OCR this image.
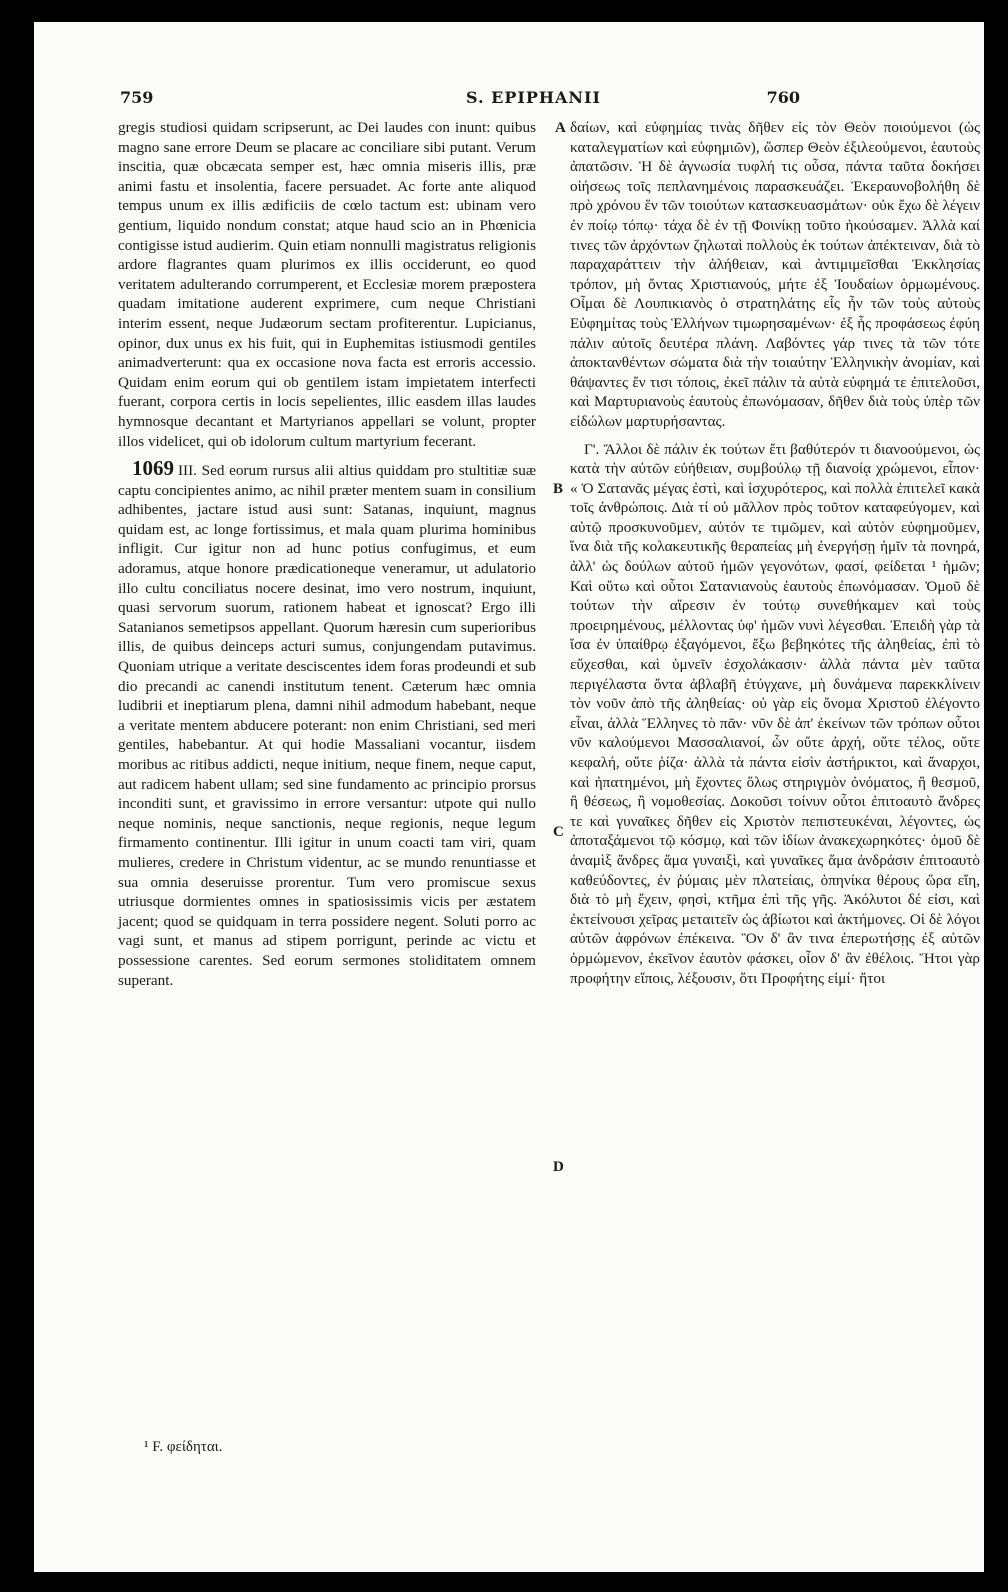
759	S. EPIPHANII	760

gregis studiosi quidam scripserunt, ac Dei laudes con inunt: quibus magno sane errore Deum se placare ac conciliare sibi putant. Verum inscitia, quæ obcæcata semper est, hæc omnia miseris illis, præ animi fastu et insolentia, facere persuadet. Ac forte ante aliquod tempus unum ex illis ædificiis de cœlo tactum est: ubinam vero gentium, liquido nondum constat; atque haud scio an in Phœnicia contigisse istud audierim. Quin etiam nonnulli magistratus religionis ardore flagrantes quam plurimos ex illis occiderunt, eo quod veritatem adulterando corrumperent, et Ecclesiæ morem præpostera quadam imitatione auderent exprimere, cum neque Christiani interim essent, neque Judæorum sectam profiterentur. Lupicianus, opinor, dux unus ex his fuit, qui in Euphemitas istiusmodi gentiles animadverterunt: qua ex occasione nova facta est erroris accessio. Quidam enim eorum qui ob gentilem istam impietatem interfecti fuerant, corpora certis in locis sepelientes, illic easdem illas laudes hymnosque decantant et Martyrianos appellari se volunt, propter illos videlicet, qui ob idolorum cultum martyrium fecerant.

1069 III. Sed eorum rursus alii altius quiddam pro stultitiæ suæ captu concipientes animo, ac nihil præter mentem suam in consilium adhibentes, jactare istud ausi sunt: Satanas, inquiunt, magnus quidam est, ac longe fortissimus, et mala quam plurima hominibus infligit. Cur igitur non ad hunc potius confugimus, et eum adoramus, atque honore prædicationeque veneramur, ut adulatorio illo cultu conciliatus nocere desinat, imo vero nostrum, inquiunt, quasi servorum suorum, rationem habeat et ignoscat? Ergo illi Satanianos semetipsos appellant. Quorum hæresin cum superioribus illis, de quibus deinceps acturi sumus, conjungendam putavimus. Quoniam utrique a veritate desciscentes idem foras prodeundi et sub dio precandi ac canendi institutum tenent. Cæterum hæc omnia ludibrii et ineptiarum plena, damni nihil admodum habebant, neque a veritate mentem abducere poterant: non enim Christiani, sed meri gentiles, habebantur. At qui hodie Massaliani vocantur, iisdem moribus ac ritibus addicti, neque initium, neque finem, neque caput, aut radicem habent ullam; sed sine fundamento ac principio prorsus inconditi sunt, et gravissimo in errore versantur: utpote qui nullo neque nominis, neque sanctionis, neque regionis, neque legum firmamento continentur. Illi igitur in unum coacti tam viri, quam mulieres, credere in Christum videntur, ac se mundo renuntiasse et sua omnia deseruisse prorentur. Tum vero promiscue sexus utriusque dormientes omnes in spatiosissimis vicis per æstatem jacent; quod se quidquam in terra possidere negent. Soluti porro ac vagi sunt, et manus ad stipem porrigunt, perinde ac victu et possessione carentes. Sed eorum sermones stoliditatem omnem superant.

A
B
C
D

δαίων, καὶ εὐφημίας τινὰς δῆθεν εἰς τὸν Θεὸν ποιούμενοι (ὡς καταλεγματίων καὶ εὐφημιῶν), ὥσπερ Θεὸν ἐξιλεούμενοι, ἑαυτοὺς ἀπατῶσιν. Ἡ δὲ ἀγνωσία τυφλή τις οὖσα, πάντα ταῦτα δοκήσει οἰήσεως τοῖς πεπλανημένοις παρασκευάζει. Ἐκεραυνοβολήθη δὲ πρὸ χρόνου ἕν τῶν τοιούτων κατασκευασμάτων· οὐκ ἔχω δὲ λέγειν ἐν ποίῳ τόπῳ· τάχα δὲ ἐν τῇ Φοινίκῃ τοῦτο ἠκούσαμεν. Ἀλλὰ καί τινες τῶν ἀρχόντων ζηλωταὶ πολλοὺς ἐκ τούτων ἀπέκτειναν, διὰ τὸ παραχαράττειν τὴν ἀλήθειαν, καὶ ἀντιμιμεῖσθαι Ἐκκλησίας τρόπον, μὴ ὄντας Χριστιανούς, μήτε ἐξ Ἰουδαίων ὁρμωμένους. Οἶμαι δὲ Λουπικιανὸς ὁ στρατηλάτης εἷς ἦν τῶν τοὺς αὐτοὺς Εὐφημίτας τοὺς Ἑλλήνων τιμωρησαμένων· ἐξ ἧς προφάσεως ἐφύη πάλιν αὐτοῖς δευτέρα πλάνη. Λαβόντες γάρ τινες τὰ τῶν τότε ἀποκτανθέντων σώματα διὰ τὴν τοιαύτην Ἑλληνικὴν ἀνομίαν, καὶ θάψαντες ἔν τισι τόποις, ἐκεῖ πάλιν τὰ αὐτὰ εὐφημά τε ἐπιτελοῦσι, καὶ Μαρτυριανοὺς ἑαυτοὺς ἐπωνόμασαν, δῆθεν διὰ τοὺς ὑπὲρ τῶν εἰδώλων μαρτυρήσαντας.

Γ'. Ἄλλοι δὲ πάλιν ἐκ τούτων ἔτι βαθύτερόν τι διανοούμενοι, ὡς κατὰ τὴν αὐτῶν εὐήθειαν, συμβούλῳ τῇ διανοίᾳ χρώμενοι, εἶπον· « Ὁ Σατανᾶς μέγας ἐστὶ, καὶ ἰσχυρότερος, καὶ πολλὰ ἐπιτελεῖ κακὰ τοῖς ἀνθρώποις. Διὰ τί οὐ μᾶλλον πρὸς τοῦτον καταφεύγομεν, καὶ αὐτῷ προσκυνοῦμεν, αὐτόν τε τιμῶμεν, καὶ αὐτὸν εὐφημοῦμεν, ἵνα διὰ τῆς κολακευτικῆς θεραπείας μὴ ἐνεργήσῃ ἡμῖν τὰ πονηρά, ἀλλ' ὡς δούλων αὐτοῦ ἡμῶν γεγονότων, φασί, φείδεται ¹ ἡμῶν; Καὶ οὕτω καὶ οὗτοι Σατανιανοὺς ἑαυτοὺς ἐπωνόμασαν. Ὁμοῦ δὲ τούτων τὴν αἵρεσιν ἐν τούτῳ συνεθήκαμεν καὶ τοὺς προειρημένους, μέλλοντας ὑφ' ἡμῶν νυνὶ λέγεσθαι. Ἐπειδὴ γὰρ τὰ ἴσα ἐν ὑπαίθρῳ ἐξαγόμενοι, ἔξω βεβηκότες τῆς ἀληθείας, ἐπὶ τὸ εὔχεσθαι, καὶ ὑμνεῖν ἐσχολάκασιν· ἀλλὰ πάντα μὲν ταῦτα περιγέλαστα ὄντα ἀβλαβῆ ἐτύγχανε, μὴ δυνάμενα παρεκκλίνειν τὸν νοῦν ἀπὸ τῆς ἀληθείας· οὐ γὰρ εἰς ὄνομα Χριστοῦ ἐλέγοντο εἶναι, ἀλλὰ Ἕλληνες τὸ πᾶν· νῦν δὲ ἀπ' ἐκείνων τῶν τρόπων οὗτοι νῦν καλούμενοι Μασσαλιανοί, ὧν οὔτε ἀρχή, οὔτε τέλος, οὔτε κεφαλή, οὔτε ῥίζα· ἀλλὰ τὰ πάντα εἰσὶν ἀστήρικτοι, καὶ ἄναρχοι, καὶ ἠπατημένοι, μὴ ἔχοντες ὅλως στηριγμὸν ὀνόματος, ἢ θεσμοῦ, ἢ θέσεως, ἢ νομοθεσίας. Δοκοῦσι τοίνυν οὗτοι ἐπιτοαυτὸ ἄνδρες τε καὶ γυναῖκες δῆθεν εἰς Χριστὸν πεπιστευκέναι, λέγοντες, ὡς ἀποταξάμενοι τῷ κόσμῳ, καὶ τῶν ἰδίων ἀνακεχωρηκότες· ὁμοῦ δὲ ἀναμὶξ ἄνδρες ἅμα γυναιξὶ, καὶ γυναῖκες ἅμα ἀνδράσιν ἐπιτοαυτὸ καθεύδοντες, ἐν ῥύμαις μὲν πλατείαις, ὁπηνίκα θέρους ὥρα εἴη, διὰ τὸ μὴ ἔχειν, φησὶ, κτῆμα ἐπὶ τῆς γῆς. Ἀκόλυτοι δέ εἰσι, καὶ ἐκτείνουσι χεῖρας μεταιτεῖν ὡς ἀβίωτοι καὶ ἀκτήμονες. Οἱ δὲ λόγοι αὐτῶν ἀφρόνων ἐπέκεινα. Ὃν δ' ἂν τινα ἐπερωτήσῃς ἐξ αὐτῶν ὁρμώμενον, ἐκεῖνον ἑαυτὸν φάσκει, οἷον δ' ἂν ἐθέλοις. Ἤτοι γὰρ προφήτην εἴποις, λέξουσιν, ὅτι Προφήτης εἰμί· ἤτοι

¹ F. φείδηται.
